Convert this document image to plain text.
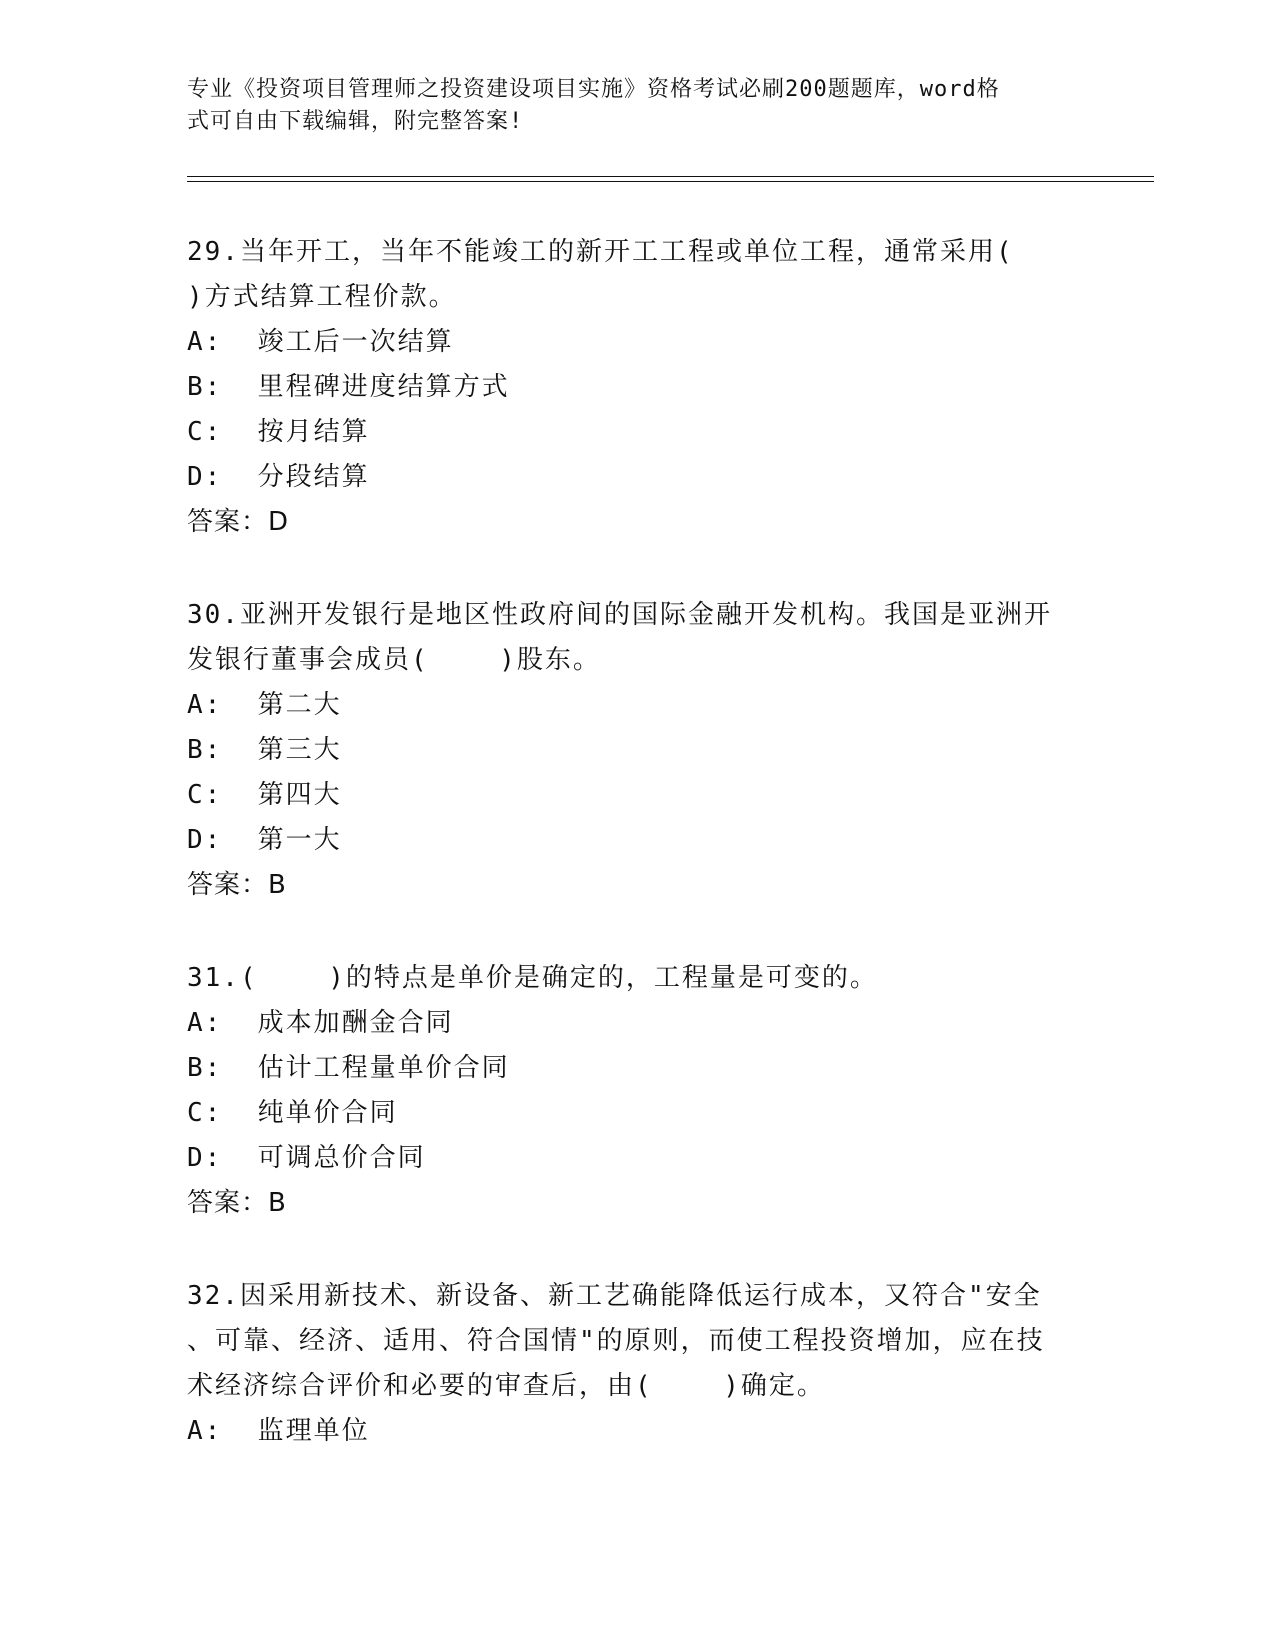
专业《投资项目管理师之投资建设项目实施》资格考试必刷200题题库，word格
式可自由下载编辑，附完整答案!

29.当年开工，当年不能竣工的新开工工程或单位工程，通常采用(
)方式结算工程价款。

A:  竣工后一次结算

B:  里程碑进度结算方式

C:  按月结算

D:  分段结算

答案：D

30.亚洲开发银行是地区性政府间的国际金融开发机构。我国是亚洲开
发银行董事会成员(    )股东。

A:  第二大

B:  第三大

C:  第四大

D:  第一大

答案：B

31.(    )的特点是单价是确定的，工程量是可变的。

A:  成本加酬金合同

B:  估计工程量单价合同

C:  纯单价合同

D:  可调总价合同

答案：B

32.因采用新技术、新设备、新工艺确能降低运行成本，又符合"安全
、可靠、经济、适用、符合国情"的原则，而使工程投资增加，应在技
术经济综合评价和必要的审查后，由(    )确定。

A:  监理单位
